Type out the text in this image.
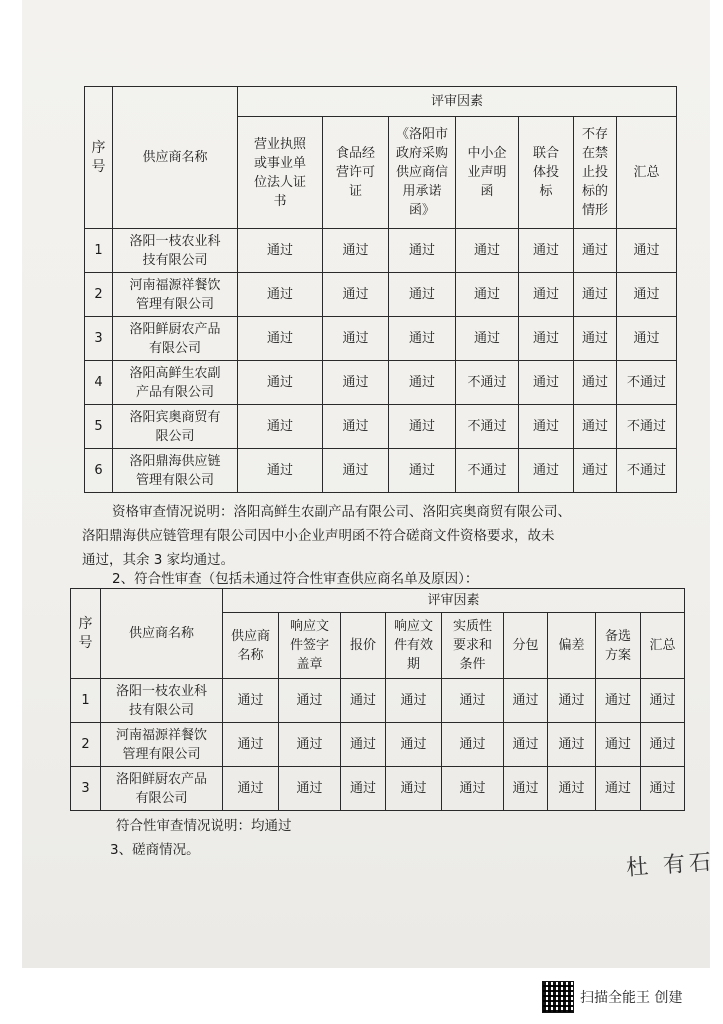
序
号	供应商名称	评审因素						
		营业执照
或事业单
位法人证
书	食品经
营许可
证	《洛阳市
政府采购
供应商信
用承诺
函》	中小企
业声明
函	联合
体投
标	不存
在禁
止投
标的
情形	汇总
1	洛阳一枝农业科
技有限公司	通过	通过	通过	通过	通过	通过	通过
2	河南福源祥餐饮
管理有限公司	通过	通过	通过	通过	通过	通过	通过
3	洛阳鲜厨农产品
有限公司	通过	通过	通过	通过	通过	通过	通过
4	洛阳高鲜生农副
产品有限公司	通过	通过	通过	不通过	通过	通过	不通过
5	洛阳宾奥商贸有
限公司	通过	通过	通过	不通过	通过	通过	不通过
6	洛阳鼎海供应链
管理有限公司	通过	通过	通过	不通过	通过	通过	不通过
资格审查情况说明：洛阳高鲜生农副产品有限公司、洛阳宾奥商贸有限公司、
洛阳鼎海供应链管理有限公司因中小企业声明函不符合磋商文件资格要求，故未
通过，其余 3 家均通过。
2、符合性审查（包括未通过符合性审查供应商名单及原因）：
序
号	供应商名称	评审因素								
		供应商
名称	响应文
件签字
盖章	报价	响应文
件有效
期	实质性
要求和
条件	分包	偏差	备选
方案	汇总
1	洛阳一枝农业科
技有限公司	通过	通过	通过	通过	通过	通过	通过	通过	通过
2	河南福源祥餐饮
管理有限公司	通过	通过	通过	通过	通过	通过	通过	通过	通过
3	洛阳鲜厨农产品
有限公司	通过	通过	通过	通过	通过	通过	通过	通过	通过
符合性审查情况说明：均通过
3、磋商情况。	杜 有石
扫描全能王 创建
